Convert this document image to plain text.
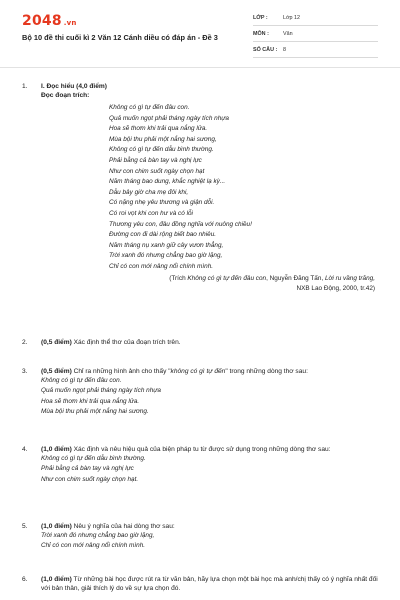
2048 .vn
Bộ 10 đề thi cuối kì 2 Văn 12 Cánh diều có đáp án - Đề 3
LỚP :	Lớp 12
MÔN :	Văn
SỐ CÂU :	8
1.	I. Đọc hiểu (4,0 điểm)
Đọc đoạn trích:
Không có gì tự đến đâu con.
Quả muốn ngọt phải tháng ngày tích nhựa
Hoa sẽ thơm khi trải qua nắng lửa.
Mùa bội thu phải một nắng hai sương,
Không có gì tự đến dẫu bình thường.
Phải bằng cả bàn tay và nghị lực
Như con chim suốt ngày chọn hạt
Năm tháng bao dung, khắc nghiệt lạ kỳ...
Dẫu bây giờ cha mẹ đôi khi,
Có nặng nhẹ yêu thương và giận dỗi.
Có roi vọt khi con hư và có lỗi
Thương yêu con, đâu đồng nghĩa với nuông chiều!
Đường con đi dài rộng biết bao nhiêu.
Năm tháng nụ xanh giữ cây vươn thẳng,
Trời xanh đó nhưng chẳng bao giờ lặng,
Chỉ có con mới nâng nổi chính mình.
(Trích Không có gì tự đến đâu con, Nguyễn Đăng Tấn, Lời ru vầng trăng,
NXB Lao Động, 2000, tr.42)
2.	(0,5 điểm) Xác định thể thơ của đoạn trích trên.
3.	(0,5 điểm) Chỉ ra những hình ảnh cho thấy "không có gì tự đến" trong những dòng thơ sau:
Không có gì tự đến đâu con.
Quả muốn ngọt phải tháng ngày tích nhựa
Hoa sẽ thơm khi trải qua nắng lửa.
Mùa bội thu phải một nắng hai sương.
4.	(1,0 điểm) Xác định và nêu hiệu quả của biện pháp tu từ được sử dụng trong những dòng thơ sau:
Không có gì tự đến dẫu bình thường.
Phải bằng cả bàn tay và nghị lực
Như con chim suốt ngày chọn hạt.
5.	(1,0 điểm) Nêu ý nghĩa của hai dòng thơ sau:
Trời xanh đó nhưng chẳng bao giờ lặng,
Chỉ có con mới nâng nổi chính mình.
6.	(1,0 điểm) Từ những bài học được rút ra từ văn bản, hãy lựa chọn một bài học mà anh/chị thấy có ý nghĩa nhất đối với bản thân, giải thích lý do về sự lựa chọn đó.
